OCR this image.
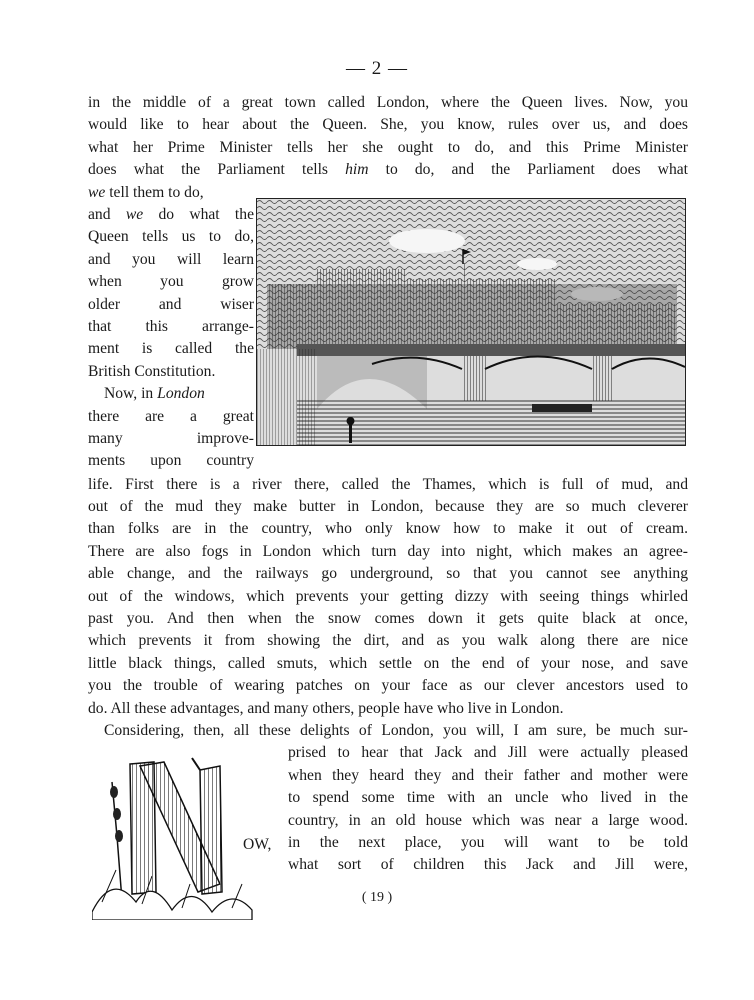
— 2 —
in the middle of a great town called London, where the Queen lives. Now, you
would like to hear about the Queen. She, you know, rules over us, and does
what her Prime Minister tells her she ought to do, and this Prime Minister
does what the Parliament tells him to do, and the Parliament does what
we tell them to do,
and we do what the
Queen tells us to do,
and you will learn
when you grow
older and wiser
that this arrange-
ment is called the
British Constitution.
Now, in London
there are a great
many improve-
ments upon country
life. First there is a river there, called the Thames, which is full of mud, and
out of the mud they make butter in London, because they are so much cleverer
than folks are in the country, who only know how to make it out of cream.
There are also fogs in London which turn day into night, which makes an agree-
able change, and the railways go underground, so that you cannot see anything
out of the windows, which prevents your getting dizzy with seeing things whirled
past you. And then when the snow comes down it gets quite black at once,
which prevents it from showing the dirt, and as you walk along there are nice
little black things, called smuts, which settle on the end of your nose, and save
you the trouble of wearing patches on your face as our clever ancestors used to
do. All these advantages, and many others, people have who live in London.
Considering, then, all these delights of London, you will, I am sure, be much sur-
prised to hear that Jack and Jill were actually pleased
when they heard they and their father and mother were
to spend some time with an uncle who lived in the
country, in an old house which was near a large wood.
in the next place, you will want to be told
what sort of children this Jack and Jill were,
OW,
( 19 )
